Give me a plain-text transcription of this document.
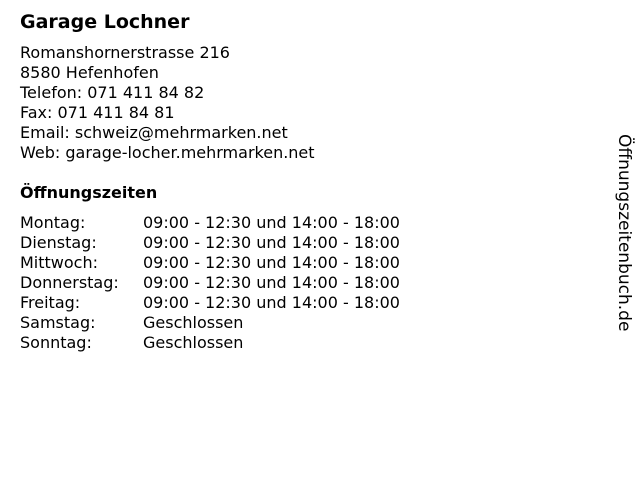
Garage Lochner
Romanshornerstrasse 216
8580 Hefenhofen
Telefon: 071 411 84 82
Fax: 071 411 84 81
Email: schweiz@mehrmarken.net
Web: garage-locher.mehrmarken.net
Öffnungszeiten
Montag:	09:00 - 12:30 und 14:00 - 18:00
Dienstag:	09:00 - 12:30 und 14:00 - 18:00
Mittwoch:	09:00 - 12:30 und 14:00 - 18:00
Donnerstag:	09:00 - 12:30 und 14:00 - 18:00
Freitag:	09:00 - 12:30 und 14:00 - 18:00
Samstag:	Geschlossen
Sonntag:	Geschlossen
Öffnungszeitenbuch.de
